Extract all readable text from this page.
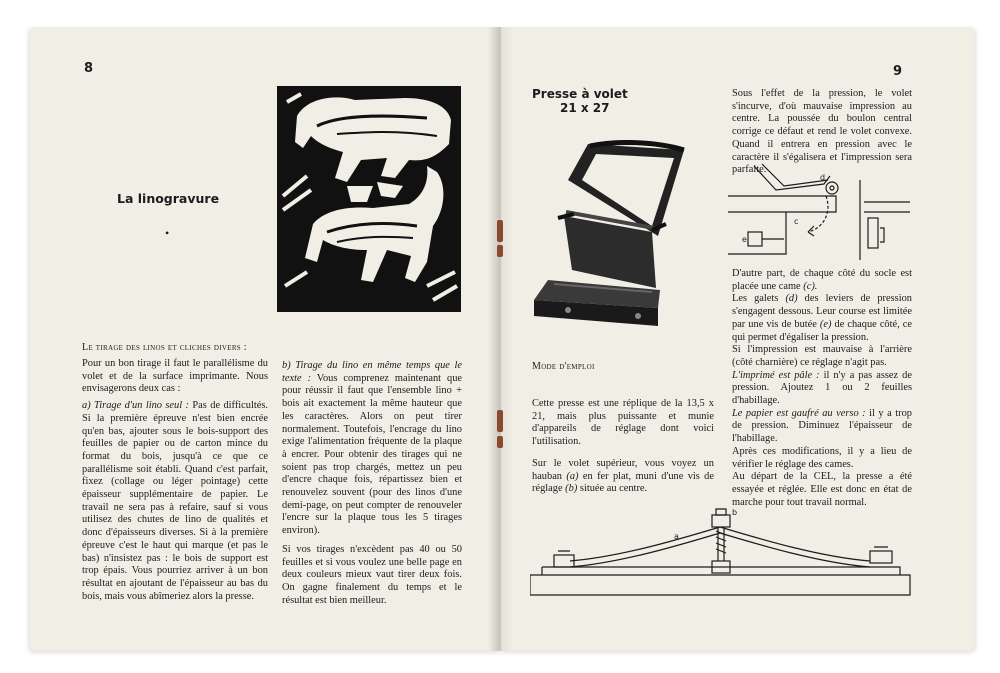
8
La linogravure
•
Le tirage des linos et cliches divers :

Pour un bon tirage il faut le parallélisme du volet et de la surface imprimante. Nous envisagerons deux cas :

a) Tirage d'un lino seul : Pas de difficultés. Si la première épreuve n'est bien encrée qu'en bas, ajouter sous le bois-support des feuilles de papier ou de carton mince du format du bois, jusqu'à ce que ce parallélisme soit établi. Quand c'est parfait, fixez (collage ou léger pointage) cette épaisseur supplémentaire de papier. Le travail ne sera pas à refaire, sauf si vous utilisez des chutes de lino de qualités et donc d'épaisseurs diverses. Si à la première épreuve c'est le haut qui marque (et pas le bas) n'insistez pas : le bois de support est trop épais. Vous pourriez arriver à un bon résultat en ajoutant de l'épaisseur au bas du bois, mais vous abîmeriez alors la presse.

b) Tirage du lino en même temps que le texte : Vous comprenez maintenant que pour réussir il faut que l'ensemble lino + bois ait exactement la même hauteur que les caractères. Alors on peut tirer normalement. Toutefois, l'encrage du lino exige l'alimentation fréquente de la plaque à encrer. Pour obtenir des tirages qui ne soient pas trop chargés, mettez un peu d'encre chaque fois, répartissez bien et renouvelez souvent (pour des linos d'une demi-page, on peut compter de renouveler l'encre sur la plaque tous les 5 tirages environ).

Si vos tirages n'excèdent pas 40 ou 50 feuilles et si vous voulez une belle page en deux couleurs mieux vaut tirer deux fois. On gagne finalement du temps et le résultat est bien meilleur.

9
Presse à volet
21 x 27
Mode d'emploi

Cette presse est une réplique de la 13,5 x 21, mais plus puissante et munie d'appareils de réglage dont voici l'utilisation.

Sur le volet supérieur, vous voyez un hauban (a) en fer plat, muni d'une vis de réglage (b) située au centre.

Sous l'effet de la pression, le volet s'incurve, d'où mauvaise impression au centre. La poussée du boulon central corrige ce défaut et rend le volet convexe. Quand il entrera en pression avec le caractère il s'égalisera et l'impression sera parfaite.

d
c
e

D'autre part, de chaque côté du socle est placée une came (c).

Les galets (d) des leviers de pression s'engagent dessous. Leur course est limitée par une vis de butée (e) de chaque côté, ce qui permet d'égaliser la pression.

Si l'impression est mauvaise à l'arrière (côté charnière) ce réglage n'agit pas.

L'imprimé est pâle : il n'y a pas assez de pression. Ajoutez 1 ou 2 feuilles d'habillage.

Le papier est gaufré au verso : il y a trop de pression. Diminuez l'épaisseur de l'habillage.

Après ces modifications, il y a lieu de vérifier le réglage des cames.

Au départ de la CEL, la presse a été essayée et réglée. Elle est donc en état de marche pour tout travail normal.

a
b
